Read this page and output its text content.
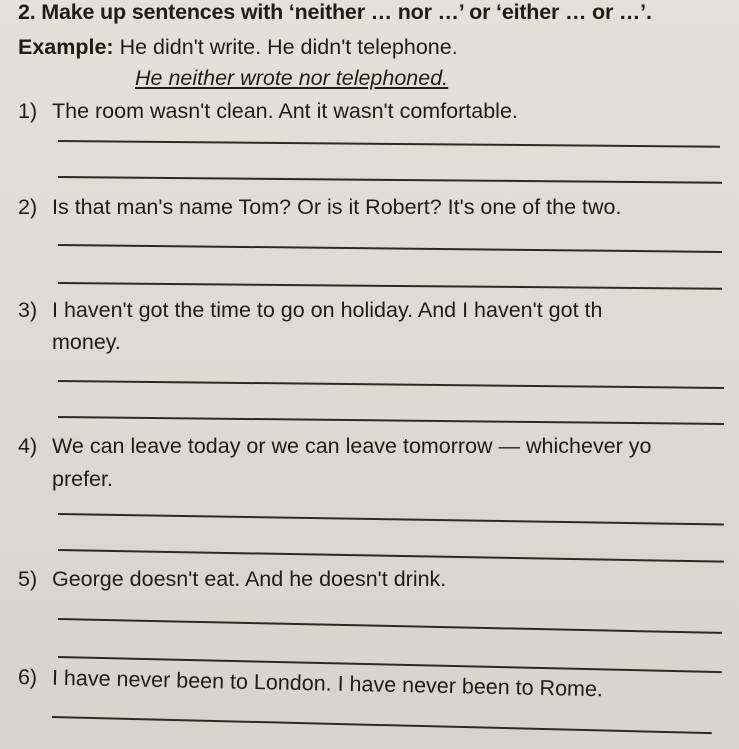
2. Make up sentences with ‘neither … nor …’ or ‘either … or …’.
Example: He didn't write. He didn't telephone.
He neither wrote nor telephoned.
1) The room wasn't clean. Ant it wasn't comfortable.
2) Is that man's name Tom? Or is it Robert? It's one of the two.
3) I haven't got the time to go on holiday. And I haven't got th
money.
4) We can leave today or we can leave tomorrow — whichever yo
prefer.
5) George doesn't eat. And he doesn't drink.
6) I have never been to London. I have never been to Rome.
